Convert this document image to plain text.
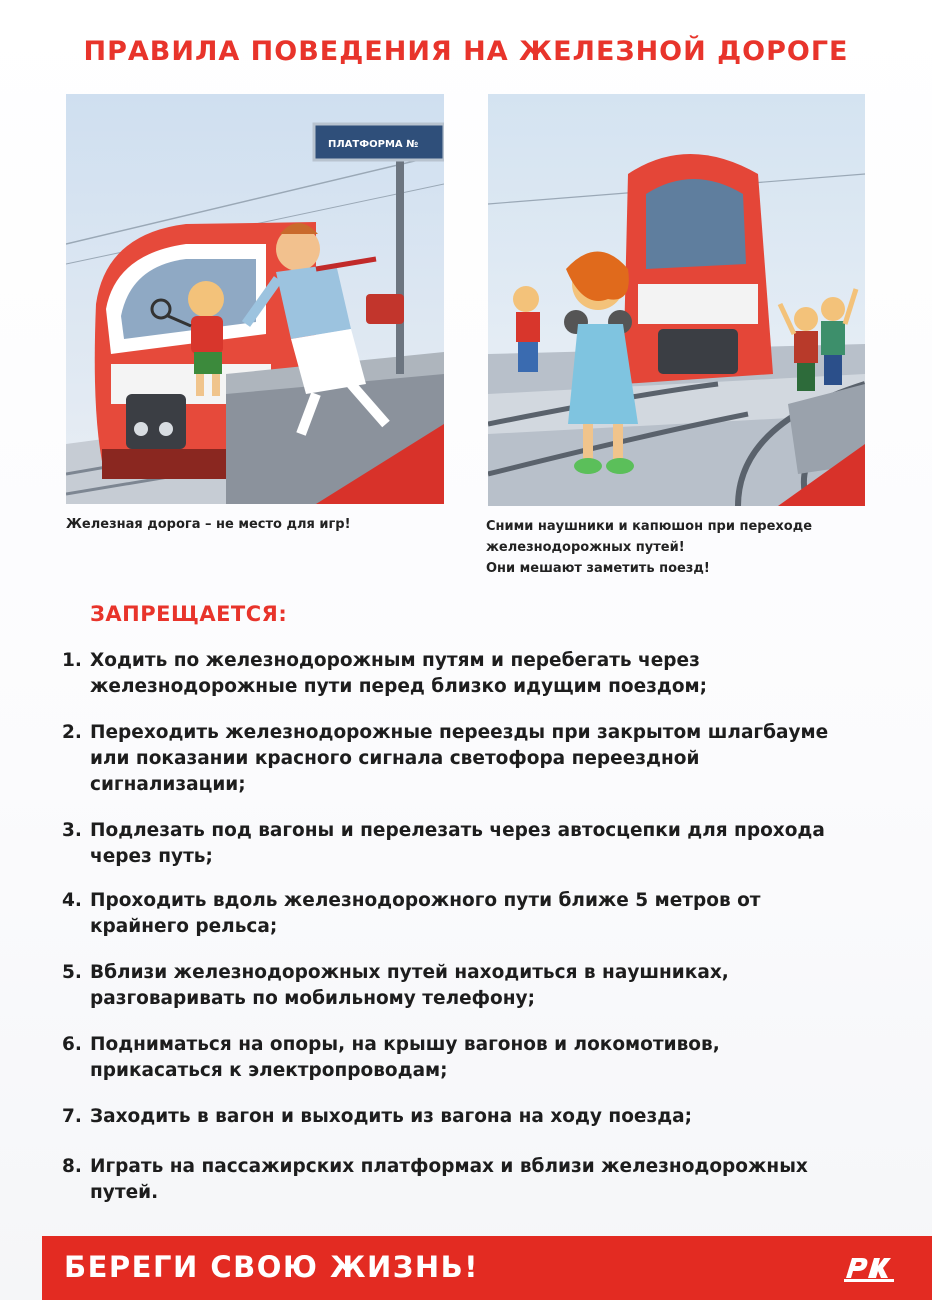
ПРАВИЛА ПОВЕДЕНИЯ НА ЖЕЛЕЗНОЙ ДОРОГЕ
ПЛАТФОРМА №
Железная дорога – не место для игр!	Сними наушники и капюшон при переходе
железнодорожных путей!
Они мешают заметить поезд!
ЗАПРЕЩАЕТСЯ:
1. Ходить по железнодорожным путям и перебегать через железнодорожные пути перед близко идущим поездом;
2. Переходить железнодорожные переезды при закрытом шлагбауме или показании красного сигнала светофора переездной сигнализации;
3. Подлезать под вагоны и перелезать через автосцепки для прохода через путь;
4. Проходить вдоль железнодорожного пути ближе 5 метров от крайнего рельса;
5. Вблизи железнодорожных путей находиться в наушниках, разговаривать по мобильному телефону;
6. Подниматься на опоры, на крышу вагонов и локомотивов, прикасаться к электропроводам;
7. Заходить в вагон и выходить из вагона на ходу поезда;
8. Играть на пассажирских платформах и вблизи железнодорожных путей.
БЕРЕГИ СВОЮ ЖИЗНЬ!
